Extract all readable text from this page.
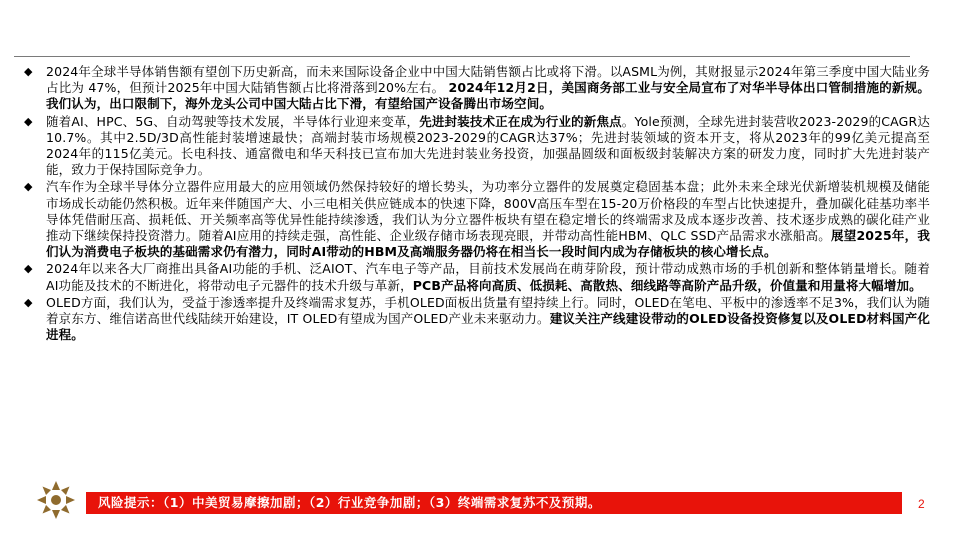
◆ 2024年全球半导体销售额有望创下历史新高，而未来国际设备企业中中国大陆销售额占比或将下滑。以ASML为例，其财报显示2024年第三季度中国大陆业务占比为 47%，但预计2025年中国大陆销售额占比将滑落到20%左右。 2024年12月2日，美国商务部工业与安全局宣布了对华半导体出口管制措施的新规。我们认为，出口限制下，海外龙头公司中国大陆占比下滑，有望给国产设备腾出市场空间。
◆ 随着AI、HPC、5G、自动驾驶等技术发展，半导体行业迎来变革，先进封装技术正在成为行业的新焦点。Yole预测，全球先进封装营收2023-2029的CAGR达10.7%。其中2.5D/3D高性能封装增速最快；高端封装市场规模2023-2029的CAGR达37%；先进封装领域的资本开支，将从2023年的99亿美元提高至2024年的115亿美元。长电科技、通富微电和华天科技已宣布加大先进封装业务投资，加强晶圆级和面板级封装解决方案的研发力度，同时扩大先进封装产能，致力于保持国际竞争力。
◆ 汽车作为全球半导体分立器件应用最大的应用领域仍然保持较好的增长势头，为功率分立器件的发展奠定稳固基本盘；此外未来全球光伏新增装机规模及储能市场成长动能仍然积极。近年来伴随国产大、小三电相关供应链成本的快速下降，800V高压车型在15-20万价格段的车型占比快速提升，叠加碳化硅基功率半导体凭借耐压高、损耗低、开关频率高等优异性能持续渗透，我们认为分立器件板块有望在稳定增长的终端需求及成本逐步改善、技术逐步成熟的碳化硅产业推动下继续保持投资潜力。随着AI应用的持续走强，高性能、企业级存储市场表现亮眼，并带动高性能HBM、QLC SSD产品需求水涨船高。展望2025年，我们认为消费电子板块的基础需求仍有潜力，同时AI带动的HBM及高端服务器仍将在相当长一段时间内成为存储板块的核心增长点。
◆ 2024年以来各大厂商推出具备AI功能的手机、泛AIOT、汽车电子等产品，目前技术发展尚在萌芽阶段，预计带动成熟市场的手机创新和整体销量增长。随着AI功能及技术的不断进化，将带动电子元器件的技术升级与革新，PCB产品将向高质、低损耗、高散热、细线路等高阶产品升级，价值量和用量将大幅增加。
◆ OLED方面，我们认为，受益于渗透率提升及终端需求复苏，手机OLED面板出货量有望持续上行。同时，OLED在笔电、平板中的渗透率不足3%，我们认为随着京东方、维信诺高世代线陆续开始建设，IT OLED有望成为国产OLED产业未来驱动力。建议关注产线建设带动的OLED设备投资修复以及OLED材料国产化进程。
风险提示：（1）中美贸易摩擦加剧；（2）行业竞争加剧；（3）终端需求复苏不及预期。	2
